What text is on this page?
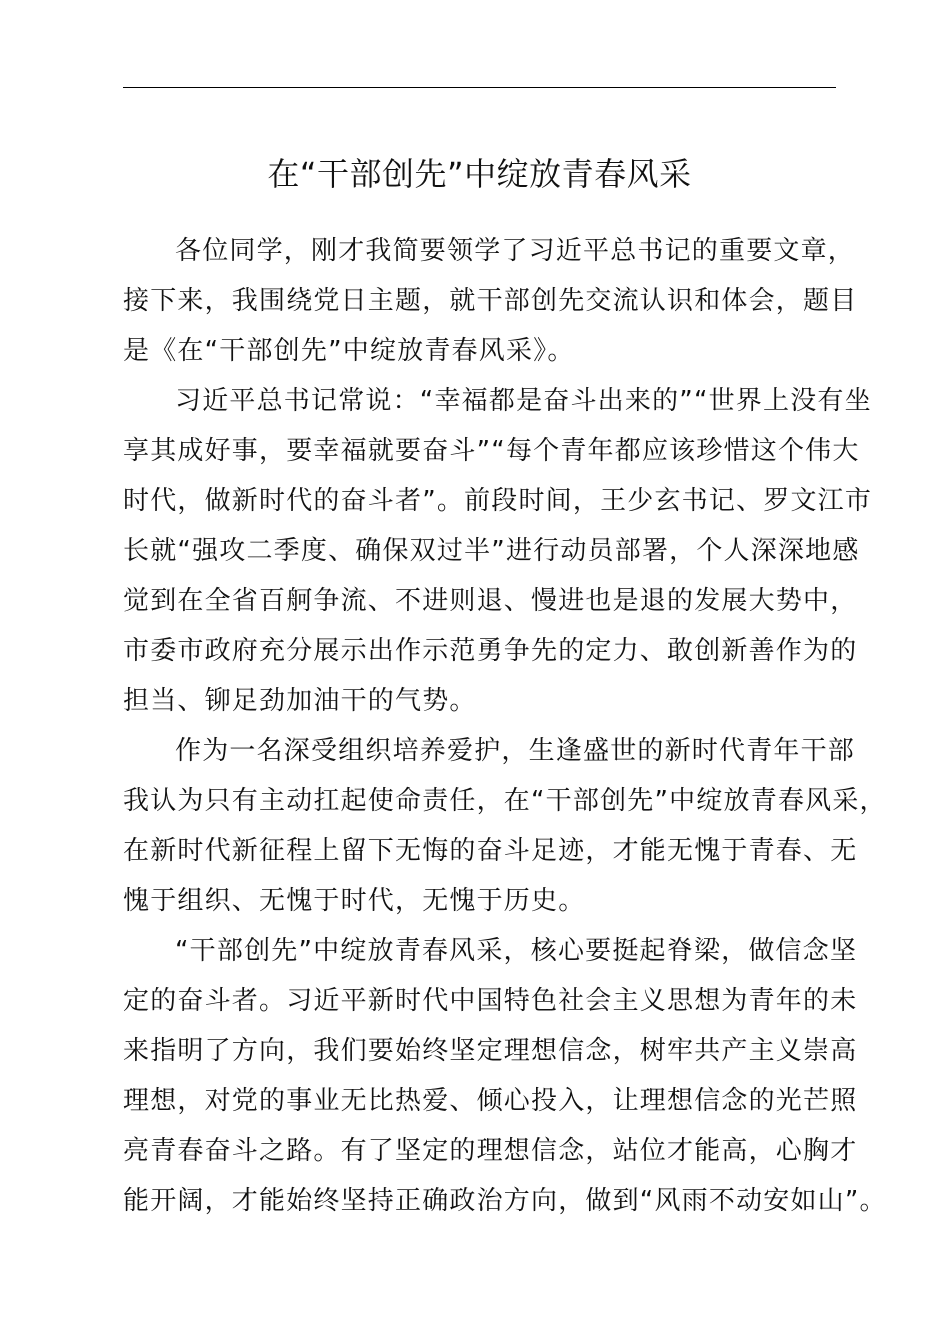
在“干部创先”中绽放青春风采
各位同学，刚才我简要领学了习近平总书记的重要文章，
接下来，我围绕党日主题，就干部创先交流认识和体会，题目
是《在“干部创先”中绽放青春风采》。
习近平总书记常说：“幸福都是奋斗出来的”“世界上没有坐
享其成好事，要幸福就要奋斗”“每个青年都应该珍惜这个伟大
时代，做新时代的奋斗者”。前段时间，王少玄书记、罗文江市
长就“强攻二季度、确保双过半”进行动员部署，个人深深地感
觉到在全省百舸争流、不进则退、慢进也是退的发展大势中，
市委市政府充分展示出作示范勇争先的定力、敢创新善作为的
担当、铆足劲加油干的气势。
作为一名深受组织培养爱护，生逢盛世的新时代青年干部
我认为只有主动扛起使命责任，在“干部创先”中绽放青春风采，
在新时代新征程上留下无悔的奋斗足迹，才能无愧于青春、无
愧于组织、无愧于时代，无愧于历史。
“干部创先”中绽放青春风采，核心要挺起脊梁，做信念坚
定的奋斗者。习近平新时代中国特色社会主义思想为青年的未
来指明了方向，我们要始终坚定理想信念，树牢共产主义崇高
理想，对党的事业无比热爱、倾心投入，让理想信念的光芒照
亮青春奋斗之路。有了坚定的理想信念，站位才能高，心胸才
能开阔，才能始终坚持正确政治方向，做到“风雨不动安如山”。
